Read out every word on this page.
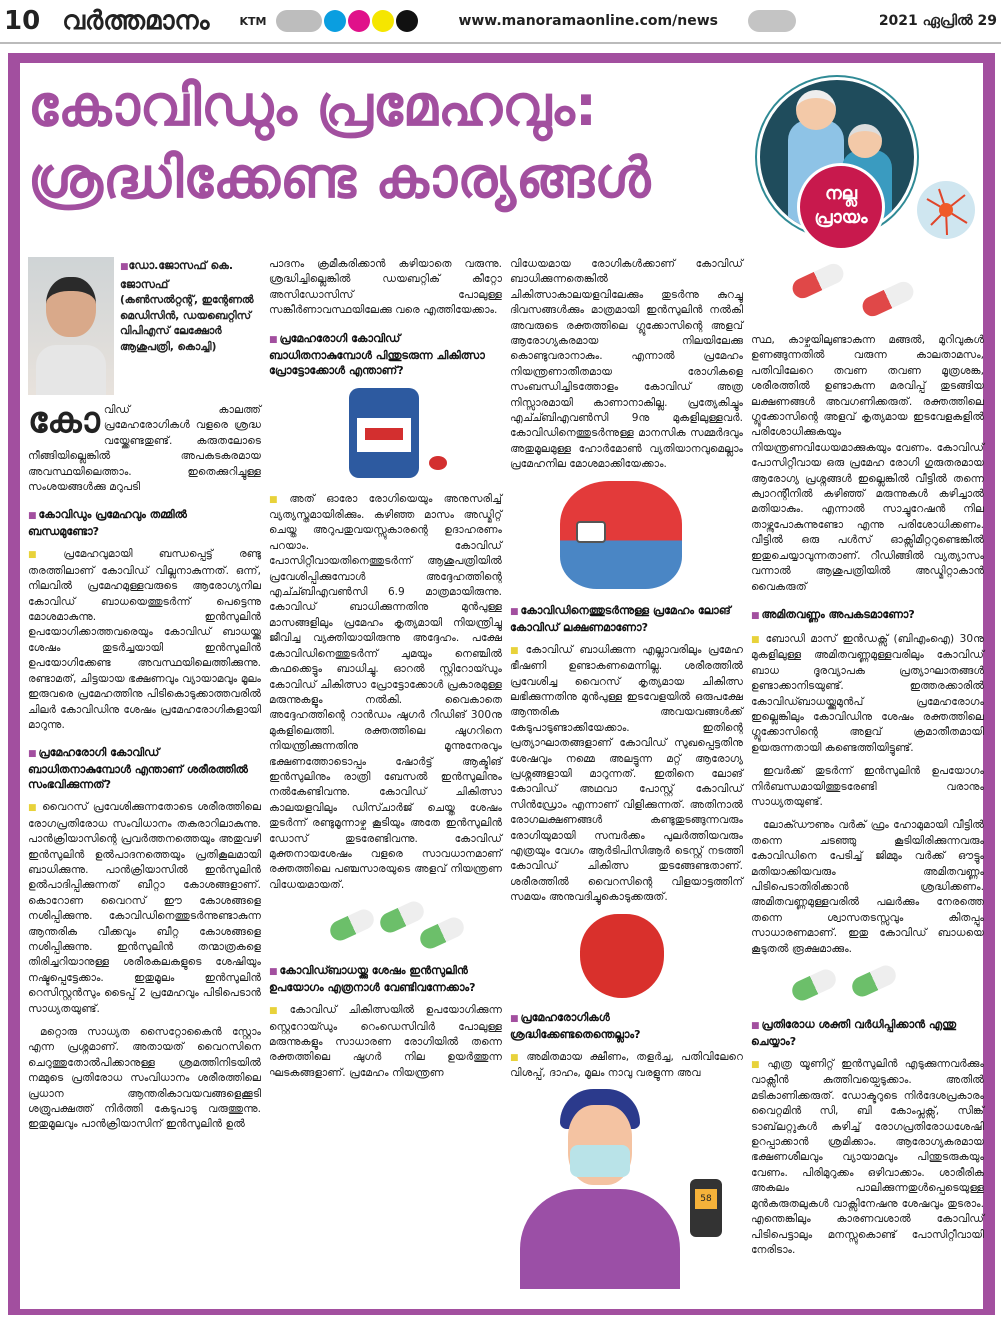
10 വർത്തമാനം	KTM	www.manoramaonline.com/news	2021 ഏപ്രിൽ 29
കോവിഡും പ്രമേഹവും:
ശ്രദ്ധിക്കേണ്ട കാര്യങ്ങൾ	നല്ല
പ്രായം
■ഡോ.ജോസഫ് കെ. ജോസഫ്
(കൺസൽറ്റന്റ്, ഇന്റേണൽ മെഡിസിൻ, ഡയബെറ്റിസ് വിപിഎസ് ലേക്ഷോർ ആശുപത്രി, കൊച്ചി)
കോവിഡ് കാലത്ത് പ്രമേഹരോഗികൾ വളരെ ശ്രദ്ധ വയ്ക്കേണ്ടതുണ്ട്. കരുതലോടെ നീങ്ങിയില്ലെങ്കിൽ അപകടകരമായ അവസ്ഥയിലെത്താം. ഇതെക്കുറിച്ചുള്ള സംശയങ്ങൾക്കു മറുപടി
■ കോവിഡും പ്രമേഹവും തമ്മിൽ ബന്ധമുണ്ടോ?
■ പ്രമേഹവുമായി ബന്ധപ്പെട്ട് രണ്ടു തരത്തിലാണ് കോവിഡ് വില്ലനാകുന്നത്. ഒന്ന്, നിലവിൽ പ്രമേഹമുള്ളവരുടെ ആരോഗ്യനില കോവിഡ് ബാധയെത്തുടർന്ന് പെട്ടെന്നു മോശമാകുന്നു. ഇൻസുലിൻ ഉപയോഗിക്കാത്തവരെയും കോവിഡ് ബാധയ്ക്കു ശേഷം തുടർച്ചയായി ഇൻസുലിൻ ഉപയോഗിക്കേണ്ട അവസ്ഥയിലെത്തിക്കുന്നു. രണ്ടാമത്, ചിട്ടയായ ഭക്ഷണവും വ്യായാമവും മൂലം ഇരുവരെ പ്രമേഹത്തിനു പിടികൊടുക്കാത്തവരിൽ ചിലർ കോവിഡിനു ശേഷം പ്രമേഹരോഗികളായി മാറുന്നു.
■ പ്രമേഹരോഗി കോവിഡ് ബാധിതനാകുമ്പോൾ എന്താണ് ശരീരത്തിൽ സംഭവിക്കുന്നത്?
■ വൈറസ് പ്രവേശിക്കുന്നതോടെ ശരീരത്തിലെ രോഗപ്രതിരോധ സംവിധാനം തകരാറിലാകുന്നു. പാൻക്രിയാസിന്റെ പ്രവർത്തനത്തെയും അതുവഴി ഇൻസുലിൻ ഉൽപാദനത്തെയും പ്രതികൂലമായി ബാധിക്കുന്നു. പാൻക്രിയാസിൽ ഇൻസുലിൻ ഉൽപാദിപ്പിക്കുന്നത് ബീറ്റാ കോശങ്ങളാണ്. കൊറോണ വൈറസ് ഈ കോശങ്ങളെ നശിപ്പിക്കുന്നു. കോവിഡിനെത്തുടർന്നുണ്ടാകുന്ന ആന്തരിക വീക്കവും ബീറ്റ കോശങ്ങളെ നശിപ്പിക്കുന്നു. ഇൻസുലിൻ തന്മാത്രകളെ തിരിച്ചറിയാനുള്ള ശരീരകലകളുടെ ശേഷിയും നഷ്ടപ്പെട്ടേക്കാം. ഇതുമൂലം ഇൻസുലിൻ റെസിസ്റ്റൻസും ടൈപ്പ് 2 പ്രമേഹവും പിടിപെടാൻ സാധ്യതയുണ്ട്.
മറ്റൊരു സാധ്യത സൈറ്റോകൈൻ സ്റ്റോം എന്ന പ്രശ്നമാണ്. അതായത് വൈറസിനെ ചെറുത്തുതോൽപിക്കാനുള്ള ശ്രമത്തിനിടയിൽ നമ്മുടെ പ്രതിരോധ സംവിധാനം ശരീരത്തിലെ പ്രധാന ആന്തരികാവയവങ്ങളെക്കൂടി ശത്രുപക്ഷത്ത് നിർത്തി കേടുപാടു വരുത്തുന്നു. ഇതുമൂലവും പാൻക്രിയാസിന് ഇൻസുലിൻ ഉൽ
പാദനം ക്രമീകരിക്കാൻ കഴിയാതെ വരുന്നു. ശ്രദ്ധിച്ചില്ലെങ്കിൽ ഡയബറ്റിക് കീറ്റോ അസിഡോസിസ് പോലുള്ള സങ്കീർണാവസ്ഥയിലേക്കു വരെ എത്തിയേക്കാം.
■ പ്രമേഹരോഗി കോവിഡ് ബാധിതനാകുമ്പോൾ പിന്തുടരുന്ന ചികിത്സാ പ്രോട്ടോക്കോൾ എന്താണ്?
■ അത് ഓരോ രോഗിയെയും അനുസരിച്ച് വ്യത്യസ്തമായിരിക്കും. കഴിഞ്ഞ മാസം അഡ്മിറ്റ് ചെയ്ത അറുപതുവയസ്സുകാരന്റെ ഉദാഹരണം പറയാം. കോവിഡ് പോസിറ്റീവായതിനെത്തുടർന്ന് ആശുപത്രിയിൽ പ്രവേശിപ്പിക്കുമ്പോൾ അദ്ദേഹത്തിന്റെ എച്ച്ബിഎവൺസി 6.9 മാത്രമായിരുന്നു. കോവിഡ് ബാധിക്കുന്നതിനു മുൻപുള്ള മാസങ്ങളിലും പ്രമേഹം കൃത്യമായി നിയന്ത്രിച്ചു ജീവിച്ച വ്യക്തിയായിരുന്നു അദ്ദേഹം. പക്ഷേ കോവിഡിനെത്തുടർന്ന് ചുമയും നെഞ്ചിൽ കഫക്കെട്ടും ബാധിച്ചു. ഓറൽ സ്റ്റിറോയ്ഡും കോവിഡ് ചികിത്സാ പ്രോട്ടോക്കോൾ പ്രകാരമുള്ള മരുന്നുകളും നൽകി. വൈകാതെ അദ്ദേഹത്തിന്റെ റാൻഡം ഷുഗർ റീഡിങ് 300നു മുകളിലെത്തി. രക്തത്തിലെ ഷുഗറിനെ നിയന്ത്രിക്കുന്നതിനു മൂന്നുനേരവും ഭക്ഷണത്തോടൊപ്പം ഷോർട്ട് ആക്ടിങ് ഇൻസുലിനും രാത്രി ബേസൽ ഇൻസുലിനും നൽകേണ്ടിവന്നു. കോവിഡ് ചികിത്സാ കാലയളവിലും ഡിസ്ചാർജ് ചെയ്ത ശേഷം തുടർന്ന് രണ്ടുമൂന്നാഴ്ച കൂടിയും അതേ ഇൻസുലിൻ ഡോസ് തുടരേണ്ടിവന്നു. കോവിഡ് മുക്തനായശേഷം വളരെ സാവധാനമാണ് രക്തത്തിലെ പഞ്ചസാരയുടെ അളവ് നിയന്ത്രണ വിധേയമായത്.
■ കോവിഡ്ബാധയ്ക്കു ശേഷം ഇൻസുലിൻ ഉപയോഗം എത്രനാൾ വേണ്ടിവന്നേക്കാം?
■ കോവിഡ് ചികിത്സയിൽ ഉപയോഗിക്കുന്ന സ്റ്റെറോയ്ഡും റെംഡെസിവിർ പോലുള്ള മരുന്നുകളും സാധാരണ രോഗിയിൽ തന്നെ രക്തത്തിലെ ഷുഗർ നില ഉയർത്തുന്ന ഘടകങ്ങളാണ്. പ്രമേഹം നിയന്ത്രണ
വിധേയമായ രോഗികൾക്കാണ് കോവിഡ് ബാധിക്കുന്നതെങ്കിൽ ചികിത്സാകാലയളവിലേക്കും തുടർന്നു കുറച്ചു ദിവസങ്ങൾക്കും മാത്രമായി ഇൻസുലിൻ നൽകി അവരുടെ രക്തത്തിലെ ഗ്ലൂക്കോസിന്റെ അളവ് ആരോഗ്യകരമായ നിലയിലേക്കു കൊണ്ടുവരാനാകും. എന്നാൽ പ്രമേഹം നിയന്ത്രണാതീതമായ രോഗികളെ സംബന്ധിച്ചിടത്തോളം കോവിഡ് അത്ര നിസ്സാരമായി കാണാനാകില്ല. പ്രത്യേകിച്ചും എച്ച്ബിഎവൺസി 9നു മുകളിലുള്ളവർ. കോവിഡിനെത്തുടർന്നുള്ള മാനസിക സമ്മർദവും അതുമൂലമുള്ള ഹോർമോൺ വ്യതിയാനവുമെല്ലാം പ്രമേഹനില മോശമാക്കിയേക്കാം.
■ കോവിഡിനെത്തുടർന്നുള്ള പ്രമേഹം ലോങ് കോവിഡ് ലക്ഷണമാണോ?
■ കോവിഡ് ബാധിക്കുന്ന എല്ലാവരിലും പ്രമേഹ ഭീഷണി ഉണ്ടാകണമെന്നില്ല. ശരീരത്തിൽ പ്രവേശിച്ച വൈറസ് കൃത്യമായ ചികിത്സ ലഭിക്കുന്നതിനു മുൻപുള്ള ഇടവേളയിൽ ഒരുപക്ഷേ ആന്തരിക അവയവങ്ങൾക്ക് കേടുപാടുണ്ടാക്കിയേക്കാം. ഇതിന്റെ പ്രത്യാഘാതങ്ങളാണ് കോവിഡ് സുഖപ്പെട്ടതിനു ശേഷവും നമ്മെ അലട്ടുന്ന മറ്റ് ആരോഗ്യ പ്രശ്നങ്ങളായി മാറുന്നത്. ഇതിനെ ലോങ് കോവിഡ് അഥവാ പോസ്റ്റ് കോവിഡ് സിൻഡ്രോം എന്നാണ് വിളിക്കുന്നത്. അതിനാൽ രോഗലക്ഷണങ്ങൾ കണ്ടുതുടങ്ങുന്നവരും രോഗിയുമായി സമ്പർക്കം പുലർത്തിയവരും എത്രയും വേഗം ആർടിപിസിആർ ടെസ്റ്റ് നടത്തി കോവിഡ് ചികിത്സ തുടങ്ങേണ്ടതാണ്. ശരീരത്തിൽ വൈറസിന്റെ വിളയാട്ടത്തിന് സമയം അനുവദിച്ചുകൊടുക്കരുത്.
■ പ്രമേഹരോഗികൾ ശ്രദ്ധിക്കേണ്ടതെന്തെല്ലാം?
■ അമിതമായ ക്ഷീണം, തളർച്ച, പതിവിലേറെ വിശപ്പ്, ദാഹം, മൂലം നാവു വരളുന്ന അവ
58
സ്ഥ, കാഴ്ചയിലുണ്ടാകുന്ന മങ്ങൽ, മുറിവുകൾ ഉണങ്ങുന്നതിൽ വരുന്ന കാലതാമസം, പതിവിലേറെ തവണ തവണ മൂത്രശങ്ക, ശരീരത്തിൽ ഉണ്ടാകുന്ന മരവിപ്പ് തുടങ്ങിയ ലക്ഷണങ്ങൾ അവഗണിക്കരുത്. രക്തത്തിലെ ഗ്ലൂക്കോസിന്റെ അളവ് കൃത്യമായ ഇടവേളകളിൽ പരിശോധിക്കുകയും നിയന്ത്രണവിധേയമാക്കുകയും വേണം. കോവിഡ് പോസിറ്റീവായ ഒരു പ്രമേഹ രോഗി ഗുരുതരമായ ആരോഗ്യ പ്രശ്നങ്ങൾ ഇല്ലെങ്കിൽ വീട്ടിൽ തന്നെ ക്വാറന്റീനിൽ കഴിഞ്ഞ് മരുന്നുകൾ കഴിച്ചാൽ മതിയാകും. എന്നാൽ സാച്ചുറേഷൻ നില താഴ്ന്നുപോകുന്നുണ്ടോ എന്നു പരിശോധിക്കണം. വീട്ടിൽ ഒരു പൾസ് ഓക്സിമീറ്ററുണ്ടെങ്കിൽ ഇതുചെയ്യാവുന്നതാണ്. റീഡിങ്ങിൽ വ്യത്യാസം വന്നാൽ ആശുപത്രിയിൽ അഡ്മിറ്റാകാൻ വൈകരുത്
■ അമിതവണ്ണം അപകടമാണോ?
■ ബോഡി മാസ് ഇൻഡക്സ് (ബിഎംഐ) 30നു മുകളിലുള്ള അമിതവണ്ണമുള്ളവരിലും കോവിഡ് ബാധ ദൂരവ്യാപക പ്രത്യാഘാതങ്ങൾ ഉണ്ടാക്കാനിടയുണ്ട്. ഇത്തരക്കാരിൽ കോവിഡ്ബാധയ്ക്കുമുൻപ് പ്രമേഹരോഗം ഇല്ലെങ്കിലും കോവിഡിനു ശേഷം രക്തത്തിലെ ഗ്ലൂക്കോസിന്റെ അളവ് ക്രമാതീതമായി ഉയരുന്നതായി കണ്ടെത്തിയിട്ടുണ്ട്.
ഇവർക്ക് തുടർന്ന് ഇൻസുലിൻ ഉപയോഗം നിർബന്ധമായിത്തുടരേണ്ടി വരാനും സാധ്യതയുണ്ട്.
ലോക്ഡൗണും വർക് ഫ്രം ഹോമുമായി വീട്ടിൽ തന്നെ ചടഞ്ഞു കൂടിയിരിക്കുന്നവരും കോവിഡിനെ പേടിച്ച് ജിമ്മും വർക്ക് ഔട്ടും മതിയാക്കിയവരും അമിതവണ്ണം പിടിപെടാതിരിക്കാൻ ശ്രദ്ധിക്കണം. അമിതവണ്ണമുള്ളവരിൽ പലർക്കും നേരത്തെ തന്നെ ശ്വാസതടസ്സവും കിതപ്പും സാധാരണമാണ്. ഇതു കോവിഡ് ബാധയെ കൂടുതൽ രൂക്ഷമാക്കും.
■ പ്രതിരോധ ശക്തി വർധിപ്പിക്കാൻ എന്തു ചെയ്യാം?
■ എത്ര യൂണിറ്റ് ഇൻസുലിൻ എടുക്കുന്നവർക്കും വാക്സീൻ കുത്തിവയ്പെടുക്കാം. അതിൽ മടികാണിക്കരുത്. ഡോക്ടറുടെ നിർദേശപ്രകാരം വൈറ്റമിൻ സി, ബി കോംപ്ലക്സ്, സിങ്ക് ടാബ്‌ലറ്റുകൾ കഴിച്ച് രോഗപ്രതിരോധശേഷി ഉറപ്പാക്കാൻ ശ്രമിക്കാം. ആരോഗ്യകരമായ ഭക്ഷണശീലവും വ്യായാമവും പിന്തുടരുകയും വേണം. പിരിമുറുക്കം ഒഴിവാക്കാം. ശാരീരിക അകലം പാലിക്കുന്നതുൾപ്പെടെയുള്ള മുൻകരുതലുകൾ വാക്സിനേഷനു ശേഷവും തുടരാം. എന്തെങ്കിലും കാരണവശാൽ കോവിഡ് പിടിപെട്ടാലും മനസ്സുകൊണ്ട് പോസിറ്റീവായി നേരിടാം.
